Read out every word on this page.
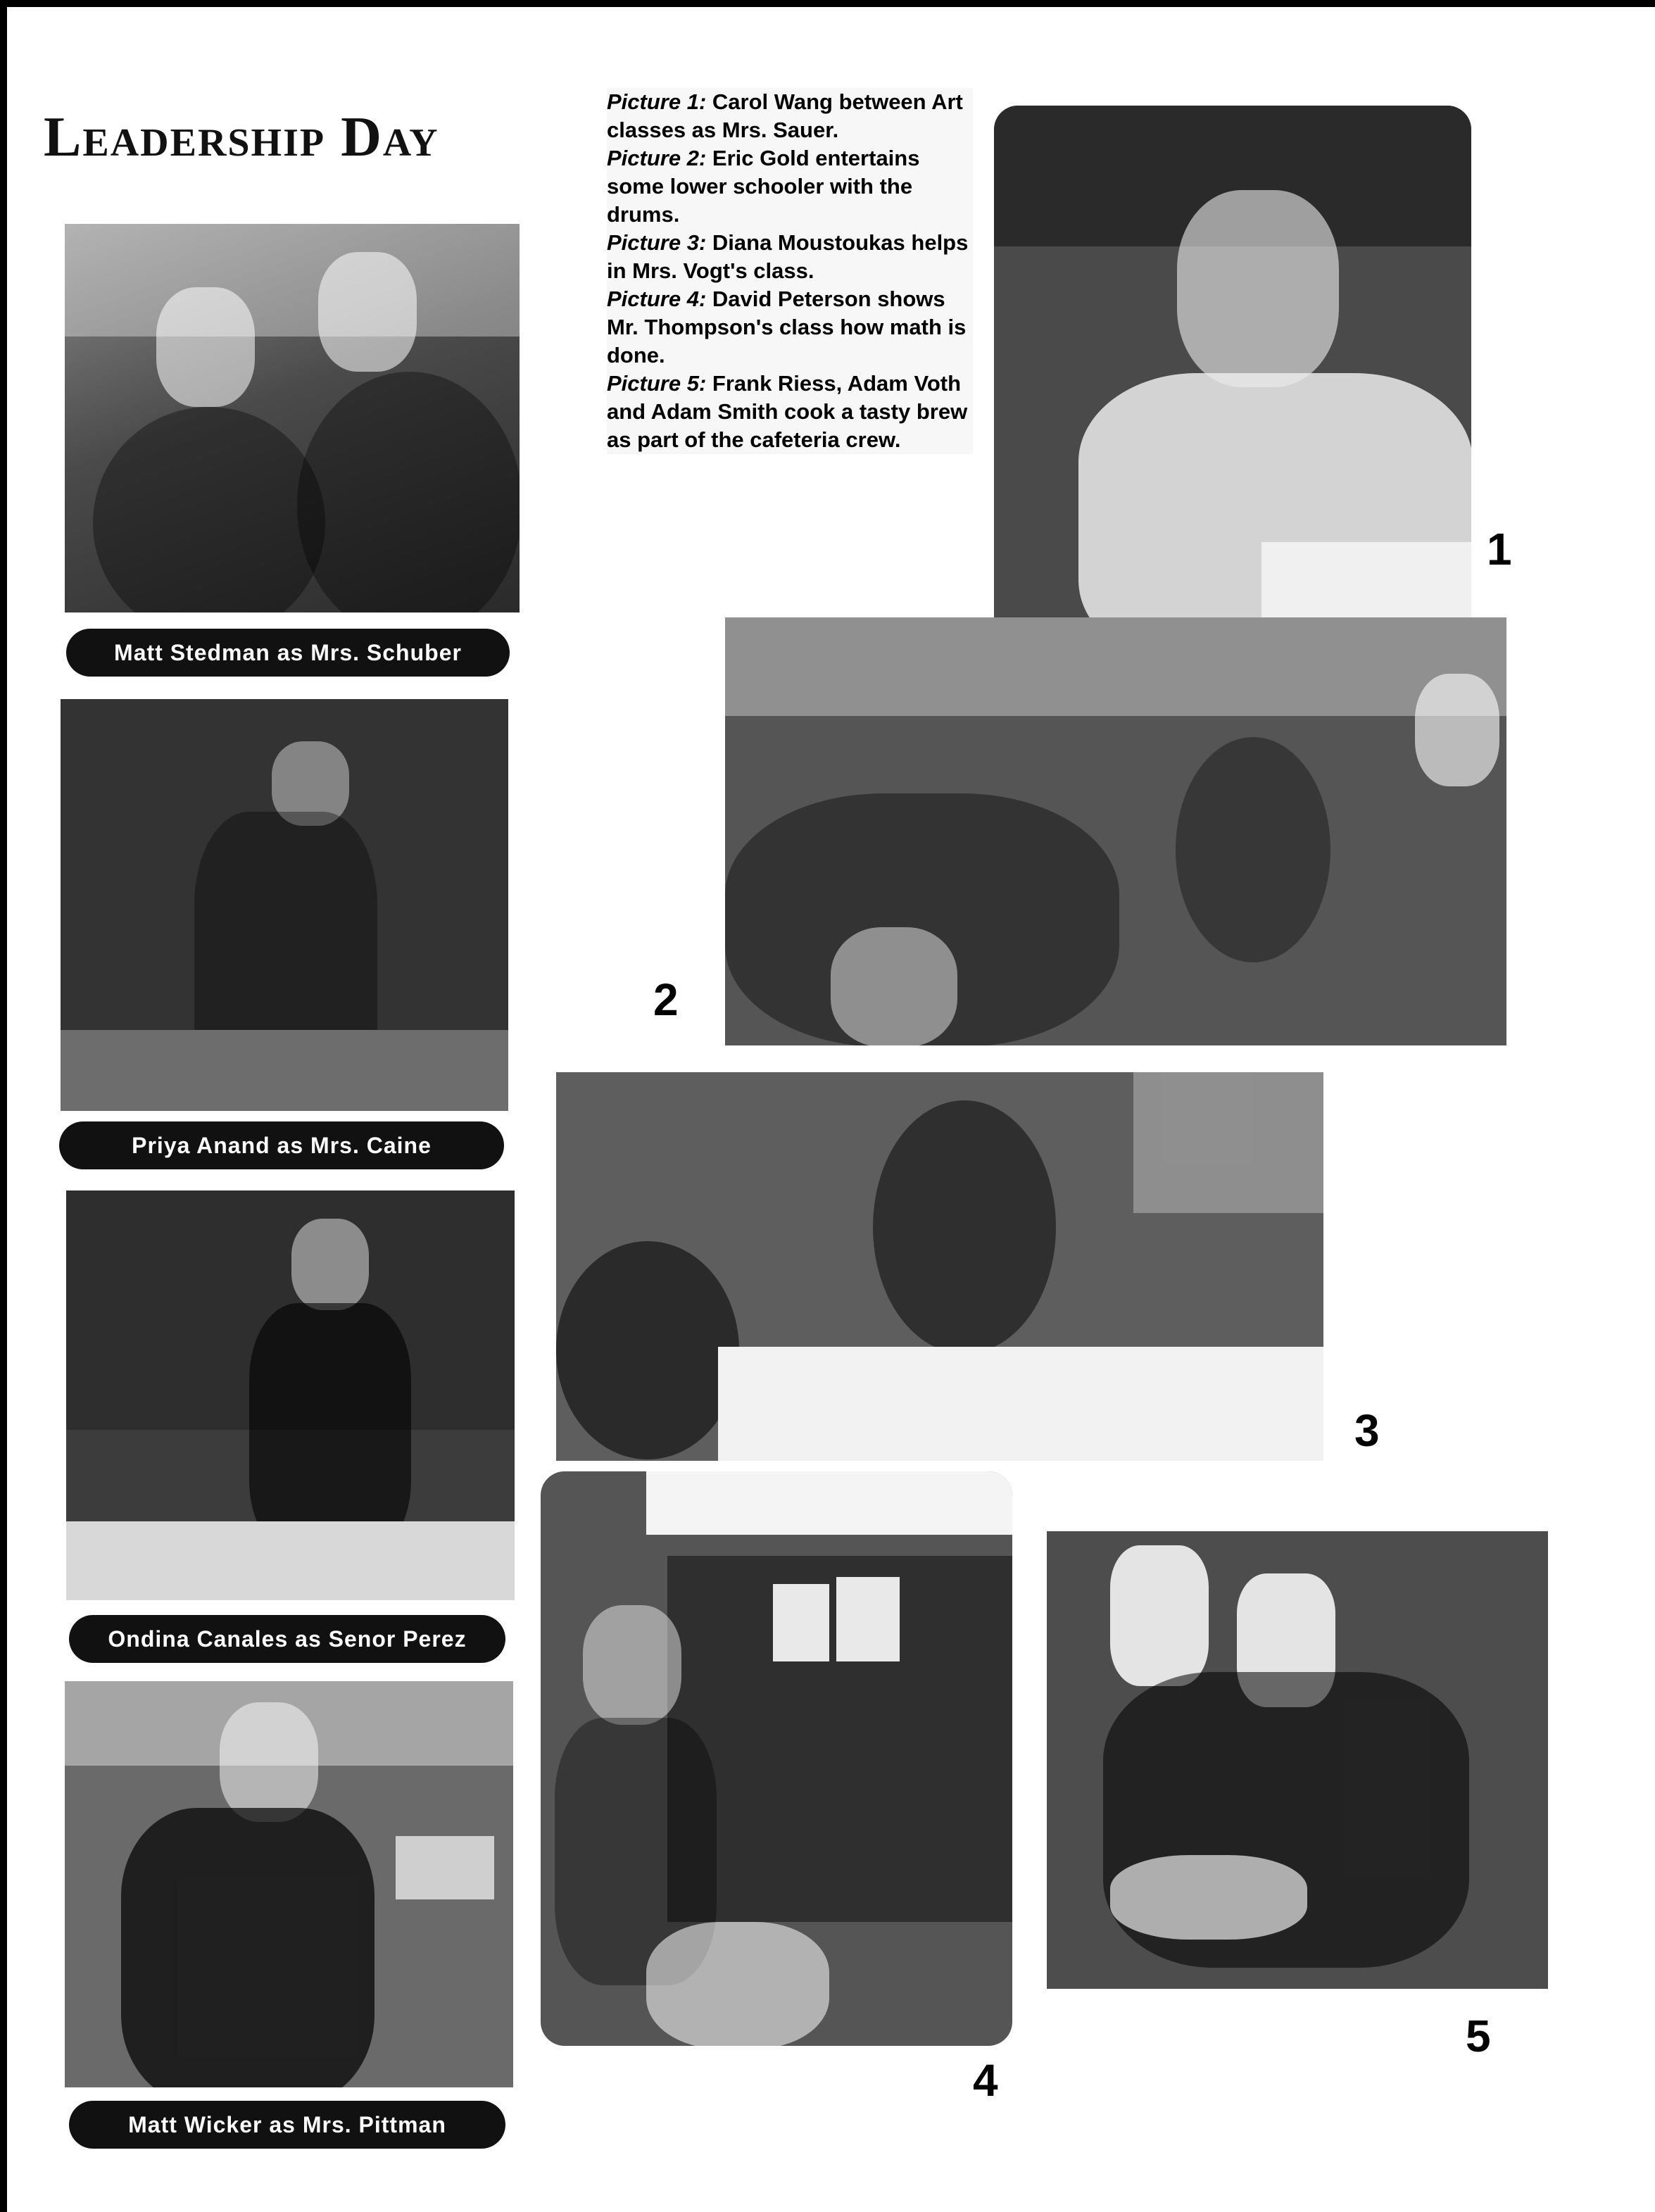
Leadership Day

Picture 1: Carol Wang between Art classes as Mrs. Sauer.

Picture 2: Eric Gold entertains some lower schooler with the drums.

Picture 3: Diana Moustoukas helps in Mrs. Vogt's class.

Picture 4: David Peterson shows Mr. Thompson's class how math is done.

Picture 5: Frank Riess, Adam Voth and Adam Smith cook a tasty brew as part of the cafeteria crew.

Matt Stedman as Mrs. Schuber
Priya Anand as Mrs. Caine
Ondina Canales as Senor Perez
Matt Wicker as Mrs. Pittman
1
2
3
4
5
